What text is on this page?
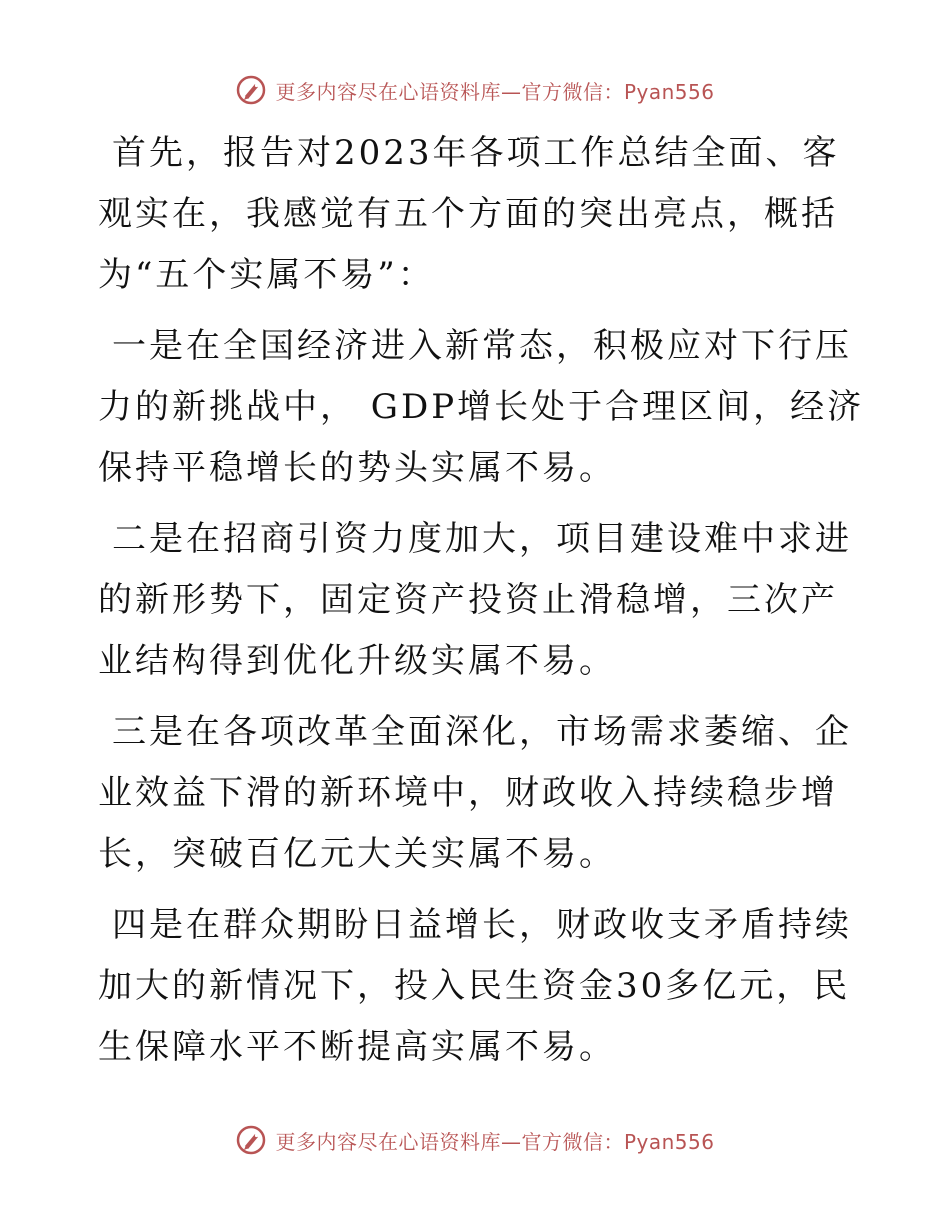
更多内容尽在心语资料库—官方微信：Pyan556

首先，报告对2023年各项工作总结全面、客观实在，我感觉有五个方面的突出亮点，概括为“五个实属不易”：

一是在全国经济进入新常态，积极应对下行压力的新挑战中， GDP增长处于合理区间，经济保持平稳增长的势头实属不易。

二是在招商引资力度加大，项目建设难中求进的新形势下，固定资产投资止滑稳增，三次产业结构得到优化升级实属不易。

三是在各项改革全面深化，市场需求萎缩、企业效益下滑的新环境中，财政收入持续稳步增长，突破百亿元大关实属不易。

四是在群众期盼日益增长，财政收支矛盾持续加大的新情况下，投入民生资金30多亿元，民生保障水平不断提高实属不易。

更多内容尽在心语资料库—官方微信：Pyan556
